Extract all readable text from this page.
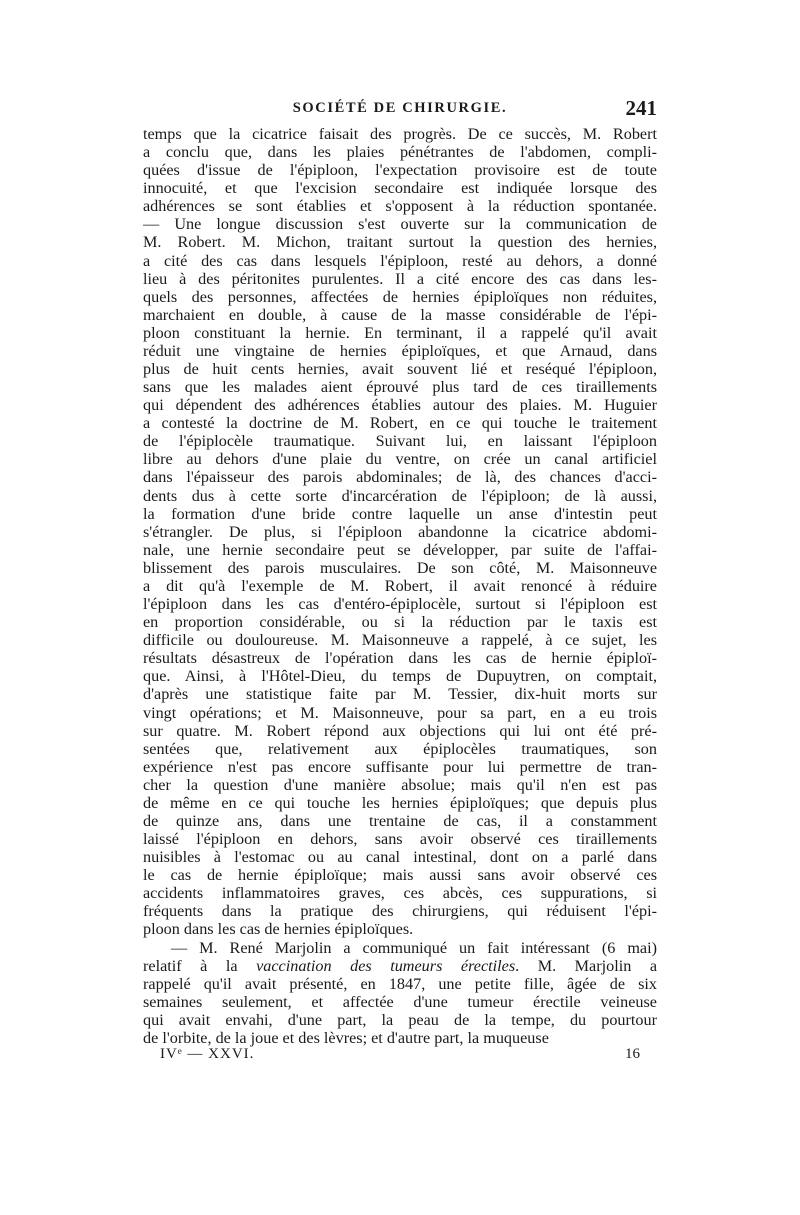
SOCIÉTÉ DE CHIRURGIE.	241
temps que la cicatrice faisait des progrès. De ce succès, M. Robert
a conclu que, dans les plaies pénétrantes de l'abdomen, compli-
quées d'issue de l'épiploon, l'expectation provisoire est de toute
innocuité, et que l'excision secondaire est indiquée lorsque des
adhérences se sont établies et s'opposent à la réduction spontanée.
— Une longue discussion s'est ouverte sur la communication de
M. Robert. M. Michon, traitant surtout la question des hernies,
a cité des cas dans lesquels l'épiploon, resté au dehors, a donné
lieu à des péritonites purulentes. Il a cité encore des cas dans les-
quels des personnes, affectées de hernies épiploïques non réduites,
marchaient en double, à cause de la masse considérable de l'épi-
ploon constituant la hernie. En terminant, il a rappelé qu'il avait
réduit une vingtaine de hernies épiploïques, et que Arnaud, dans
plus de huit cents hernies, avait souvent lié et reséqué l'épiploon,
sans que les malades aient éprouvé plus tard de ces tiraillements
qui dépendent des adhérences établies autour des plaies. M. Huguier
a contesté la doctrine de M. Robert, en ce qui touche le traitement
de l'épiplocèle traumatique. Suivant lui, en laissant l'épiploon
libre au dehors d'une plaie du ventre, on crée un canal artificiel
dans l'épaisseur des parois abdominales; de là, des chances d'acci-
dents dus à cette sorte d'incarcération de l'épiploon; de là aussi,
la formation d'une bride contre laquelle un anse d'intestin peut
s'étrangler. De plus, si l'épiploon abandonne la cicatrice abdomi-
nale, une hernie secondaire peut se développer, par suite de l'affai-
blissement des parois musculaires. De son côté, M. Maisonneuve
a dit qu'à l'exemple de M. Robert, il avait renoncé à réduire
l'épiploon dans les cas d'entéro-épiplocèle, surtout si l'épiploon est
en proportion considérable, ou si la réduction par le taxis est
difficile ou douloureuse. M. Maisonneuve a rappelé, à ce sujet, les
résultats désastreux de l'opération dans les cas de hernie épiploï-
que. Ainsi, à l'Hôtel-Dieu, du temps de Dupuytren, on comptait,
d'après une statistique faite par M. Tessier, dix-huit morts sur
vingt opérations; et M. Maisonneuve, pour sa part, en a eu trois
sur quatre. M. Robert répond aux objections qui lui ont été pré-
sentées que, relativement aux épiplocèles traumatiques, son
expérience n'est pas encore suffisante pour lui permettre de tran-
cher la question d'une manière absolue; mais qu'il n'en est pas
de même en ce qui touche les hernies épiploïques; que depuis plus
de quinze ans, dans une trentaine de cas, il a constamment
laissé l'épiploon en dehors, sans avoir observé ces tiraillements
nuisibles à l'estomac ou au canal intestinal, dont on a parlé dans
le cas de hernie épiploïque; mais aussi sans avoir observé ces
accidents inflammatoires graves, ces abcès, ces suppurations, si
fréquents dans la pratique des chirurgiens, qui réduisent l'épi-
ploon dans les cas de hernies épiploïques.
— M. René Marjolin a communiqué un fait intéressant (6 mai)
relatif à la vaccination des tumeurs érectiles. M. Marjolin a
rappelé qu'il avait présenté, en 1847, une petite fille, âgée de six
semaines seulement, et affectée d'une tumeur érectile veineuse
qui avait envahi, d'une part, la peau de la tempe, du pourtour
de l'orbite, de la joue et des lèvres; et d'autre part, la muqueuse
IVᵉ — XXVI.	16
